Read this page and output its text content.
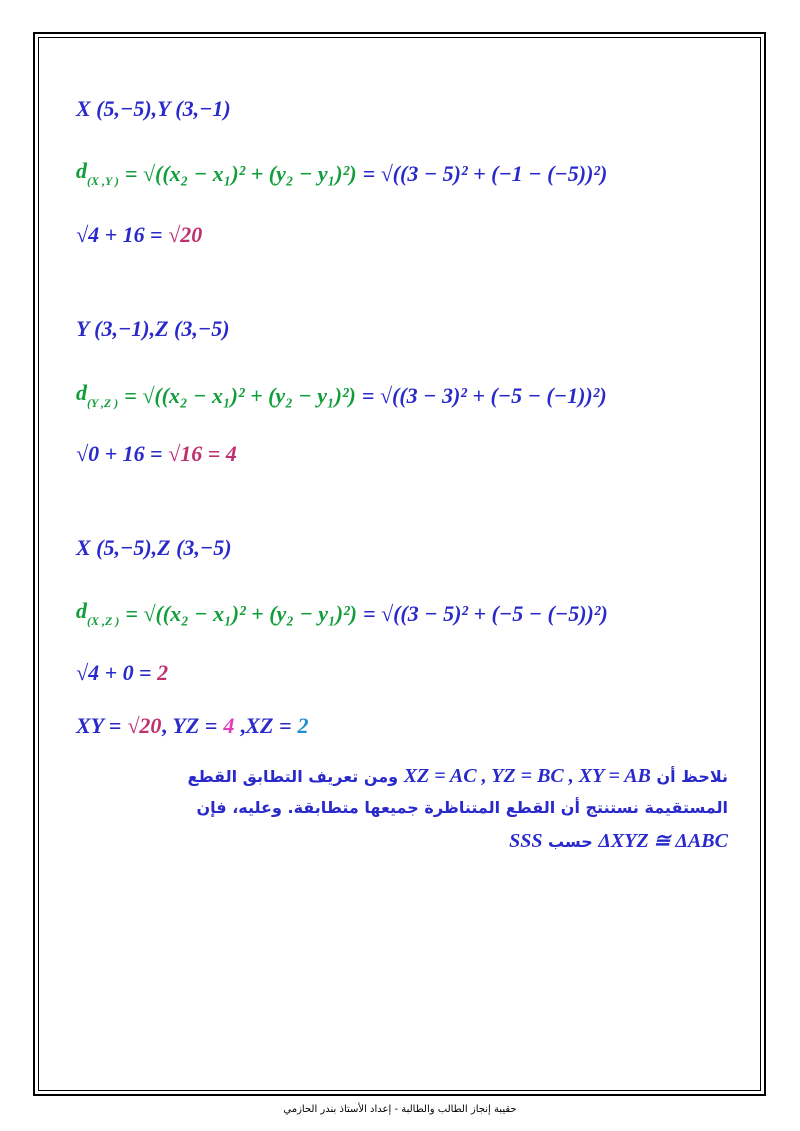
X (5,−5),Y (3,−1)
$d_{(X ,Y )} = √((x_2 - x_1)^2 + (y_2 - y_1)^2) = √((3 - 5)^2 + (-1 - (-5))^2)$
√4 + 16 = √20
Y (3,−1),Z (3,−5)
$d_{(Y ,Z )} = √((x_2 - x_1)^2 + (y_2 - y_1)^2) = √((3 - 3)^2 + (-5 - (-1))^2)$
√0 + 16 = √16 = 4
X (5,−5),Z (3,−5)
$d_{(X ,Z )} = √((x_2 - x_1)^2 + (y_2 - y_1)^2) = √((3 - 5)^2 + (-5 - (-5))^2)$
√4 + 0 = 2
XY = √20 , YZ = 4 , XZ = 2
نلاحظ أن XZ = AC , YZ = BC , XY = AB ومن تعريف التطابق القطع
المستقيمة نستنتج أن القطع المتناظرة جميعها متطابقة. وعليه، فإن
ΔXYZ ≅ ΔABC حسب SSS
حقيبة إنجاز الطالب والطالبة - إعداد الأستاذ بندر الحازمي
